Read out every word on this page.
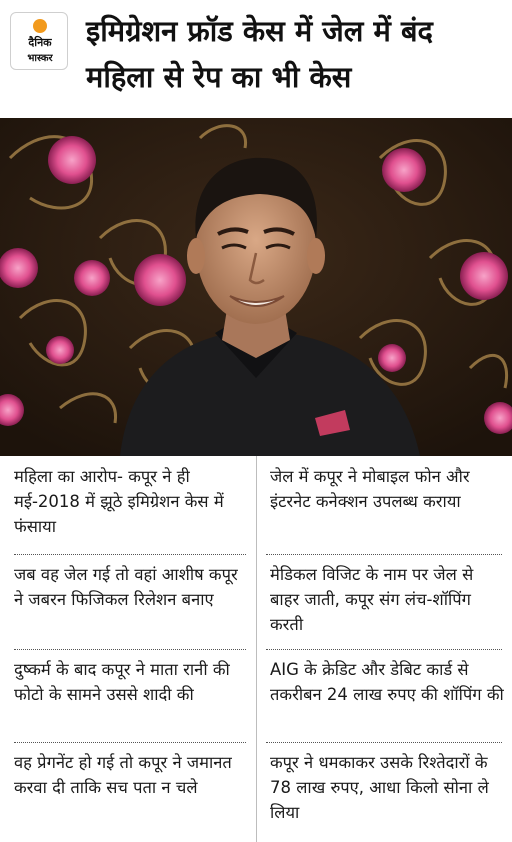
दैनिक
भास्कर
इमिग्रेशन फ्रॉड केस में जेल में बंद महिला से रेप का भी केस
महिला का आरोप- कपूर ने ही मई-2018 में झूठे इमिग्रेशन केस में फंसाया
जेल में कपूर ने मोबाइल फोन और इंटरनेट कनेक्शन उपलब्ध कराया
जब वह जेल गई तो वहां आशीष कपूर ने जबरन फिजिकल रिलेशन बनाए
मेडिकल विजिट के नाम पर जेल से बाहर जाती, कपूर संग लंच-शॉपिंग करती
दुष्कर्म के बाद कपूर ने माता रानी की फोटो के सामने उससे शादी की
AIG के क्रेडिट और डेबिट कार्ड से तकरीबन 24 लाख रुपए की शॉपिंग की
वह प्रेगनेंट हो गई तो कपूर ने जमानत करवा दी ताकि सच पता न चले
कपूर ने धमकाकर उसके रिश्तेदारों के 78 लाख रुपए, आधा किलो सोना ले लिया
